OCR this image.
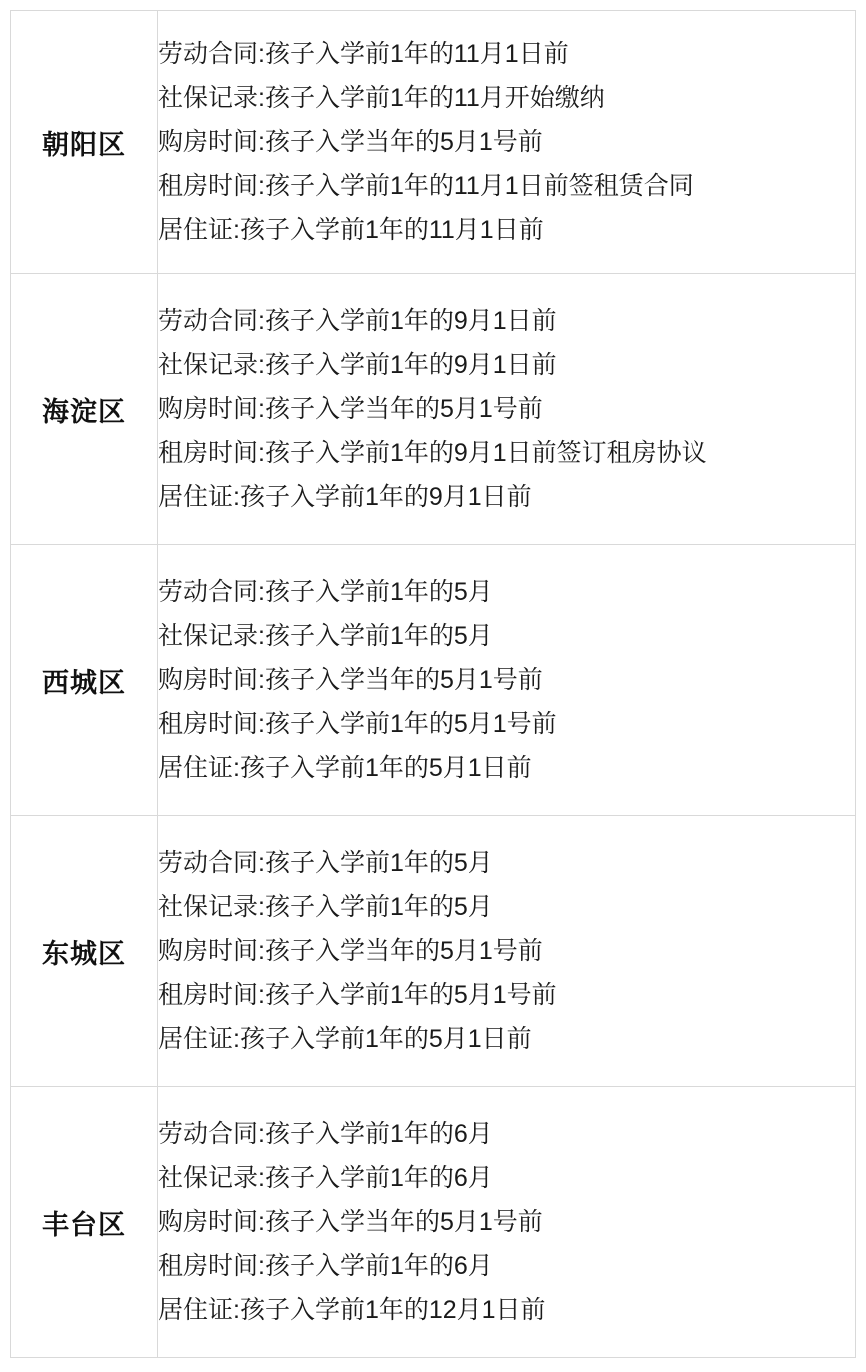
朝阳区	劳动合同:孩子入学前1年的11月1日前
社保记录:孩子入学前1年的11月开始缴纳
购房时间:孩子入学当年的5月1号前
租房时间:孩子入学前1年的11月1日前签租赁合同
居住证:孩子入学前1年的11月1日前

海淀区	劳动合同:孩子入学前1年的9月1日前
社保记录:孩子入学前1年的9月1日前
购房时间:孩子入学当年的5月1号前
租房时间:孩子入学前1年的9月1日前签订租房协议
居住证:孩子入学前1年的9月1日前

西城区	劳动合同:孩子入学前1年的5月
社保记录:孩子入学前1年的5月
购房时间:孩子入学当年的5月1号前
租房时间:孩子入学前1年的5月1号前
居住证:孩子入学前1年的5月1日前

东城区	劳动合同:孩子入学前1年的5月
社保记录:孩子入学前1年的5月
购房时间:孩子入学当年的5月1号前
租房时间:孩子入学前1年的5月1号前
居住证:孩子入学前1年的5月1日前

丰台区	劳动合同:孩子入学前1年的6月
社保记录:孩子入学前1年的6月
购房时间:孩子入学当年的5月1号前
租房时间:孩子入学前1年的6月
居住证:孩子入学前1年的12月1日前
